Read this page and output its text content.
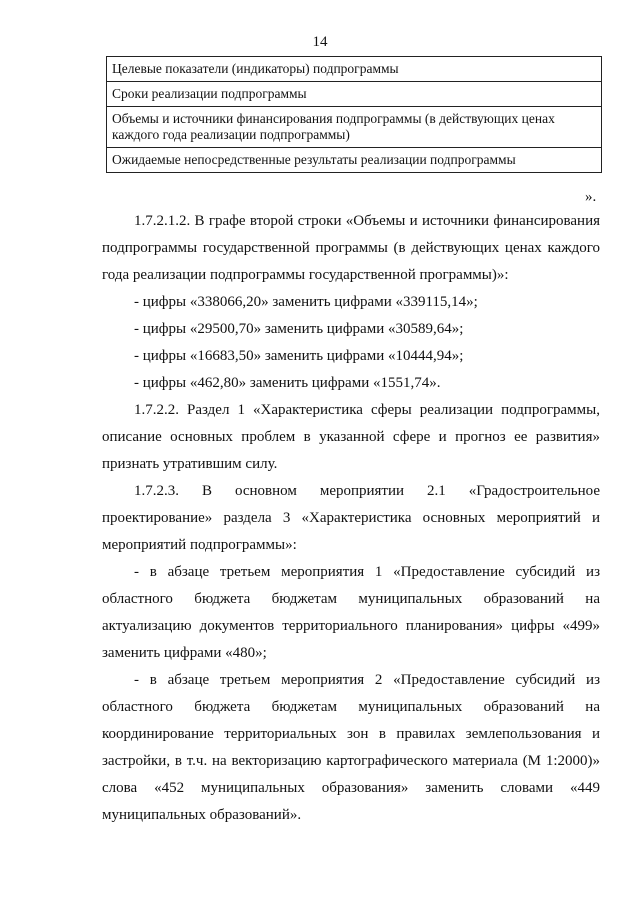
14
Целевые показатели (индикаторы) подпрограммы
Сроки реализации подпрограммы
Объемы и источники финансирования подпрограммы (в действующих ценах каждого года реализации подпрограммы)
Ожидаемые непосредственные результаты реализации подпрограммы
».

1.7.2.1.2. В графе второй строки «Объемы и источники финансирования подпрограммы государственной программы (в действующих ценах каждого года реализации подпрограммы государственной программы)»:

- цифры «338066,20» заменить цифрами «339115,14»;

- цифры «29500,70» заменить цифрами «30589,64»;

- цифры «16683,50» заменить цифрами «10444,94»;

- цифры «462,80» заменить цифрами «1551,74».

1.7.2.2. Раздел 1 «Характеристика сферы реализации подпрограммы, описание основных проблем в указанной сфере и прогноз ее развития» признать утратившим силу.

1.7.2.3. В основном мероприятии 2.1 «Градостроительное проектирование» раздела 3 «Характеристика основных мероприятий и мероприятий подпрограммы»:

- в абзаце третьем мероприятия 1 «Предоставление субсидий из областного бюджета бюджетам муниципальных образований на актуализацию документов территориального планирования» цифры «499» заменить цифрами «480»;

- в абзаце третьем мероприятия 2 «Предоставление субсидий из областного бюджета бюджетам муниципальных образований на координирование территориальных зон в правилах землепользования и застройки, в т.ч. на векторизацию картографического материала (М 1:2000)» слова «452 муниципальных образования» заменить словами «449 муниципальных образований».
